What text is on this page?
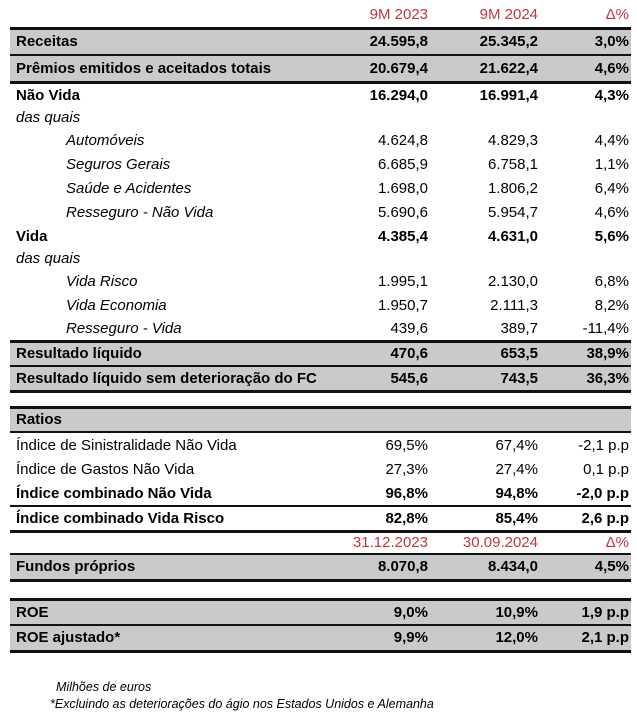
	9M 2023	9M 2024	Δ%
Receitas	24.595,8	25.345,2	3,0%
Prêmios emitidos e aceitados totais	20.679,4	21.622,4	4,6%
Não Vida	16.294,0	16.991,4	4,3%
das quais			
Automóveis	4.624,8	4.829,3	4,4%
Seguros Gerais	6.685,9	6.758,1	1,1%
Saúde e Acidentes	1.698,0	1.806,2	6,4%
Resseguro - Não Vida	5.690,6	5.954,7	4,6%
Vida	4.385,4	4.631,0	5,6%
das quais			
Vida Risco	1.995,1	2.130,0	6,8%
Vida Economia	1.950,7	2.111,3	8,2%
Resseguro - Vida	439,6	389,7	-11,4%
Resultado líquido	470,6	653,5	38,9%
Resultado líquido sem deterioração do FC	545,6	743,5	36,3%

Ratios			
Índice de Sinistralidade Não Vida	69,5%	67,4%	-2,1 p.p
Índice de Gastos Não Vida	27,3%	27,4%	0,1 p.p
Índice combinado Não Vida	96,8%	94,8%	-2,0 p.p
Índice combinado Vida Risco	82,8%	85,4%	2,6 p.p
	31.12.2023	30.09.2024	Δ%
Fundos próprios	8.070,8	8.434,0	4,5%

ROE	9,0%	10,9%	1,9 p.p
ROE ajustado*	9,9%	12,0%	2,1 p.p
Milhões de euros
*Excluindo as deteriorações do ágio nos Estados Unidos e Alemanha
